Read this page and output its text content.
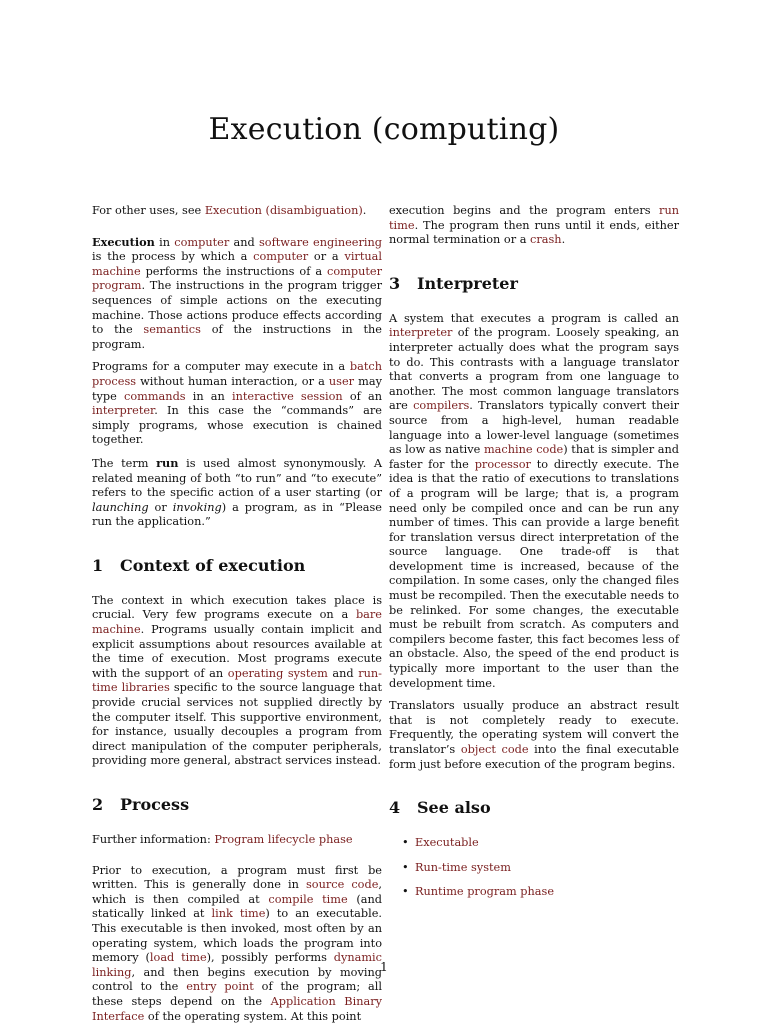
Execution (computing)

For other uses, see Execution (disambiguation).

Execution in computer and software engineering is the process by which a computer or a virtual machine performs the instructions of a computer program. The instructions in the program trigger sequences of simple actions on the executing machine. Those actions produce effects according to the semantics of the instructions in the program.

Programs for a computer may execute in a batch process without human interaction, or a user may type commands in an interactive session of an interpreter. In this case the “commands” are simply programs, whose execution is chained together.

The term run is used almost synonymously. A related meaning of both “to run” and “to execute” refers to the specific action of a user starting (or launching or invoking) a program, as in “Please run the application.”

1 Context of execution

The context in which execution takes place is crucial. Very few programs execute on a bare machine. Programs usually contain implicit and explicit assumptions about resources available at the time of execution. Most programs execute with the support of an operating system and run-time libraries specific to the source language that provide crucial services not supplied directly by the computer itself. This supportive environment, for instance, usually decouples a program from direct manipulation of the computer peripherals, providing more general, abstract services instead.

2 Process

Further information: Program lifecycle phase

Prior to execution, a program must first be written. This is generally done in source code, which is then compiled at compile time (and statically linked at link time) to an executable. This executable is then invoked, most often by an operating system, which loads the program into memory (load time), possibly performs dynamic linking, and then begins execution by moving control to the entry point of the program; all these steps depend on the Application Binary Interface of the operating system. At this point

execution begins and the program enters run time. The program then runs until it ends, either normal termination or a crash.

3 Interpreter

A system that executes a program is called an interpreter of the program. Loosely speaking, an interpreter actually does what the program says to do. This contrasts with a language translator that converts a program from one language to another. The most common language translators are compilers. Translators typically convert their source from a high-level, human readable language into a lower-level language (sometimes as low as native machine code) that is simpler and faster for the processor to directly execute. The idea is that the ratio of executions to translations of a program will be large; that is, a program need only be compiled once and can be run any number of times. This can provide a large benefit for translation versus direct interpretation of the source language. One trade-off is that development time is increased, because of the compilation. In some cases, only the changed files must be recompiled. Then the executable needs to be relinked. For some changes, the executable must be rebuilt from scratch. As computers and compilers become faster, this fact becomes less of an obstacle. Also, the speed of the end product is typically more important to the user than the development time.

Translators usually produce an abstract result that is not completely ready to execute. Frequently, the operating system will convert the translator’s object code into the final executable form just before execution of the program begins.

4 See also
• Executable
• Run-time system
• Runtime program phase
1
